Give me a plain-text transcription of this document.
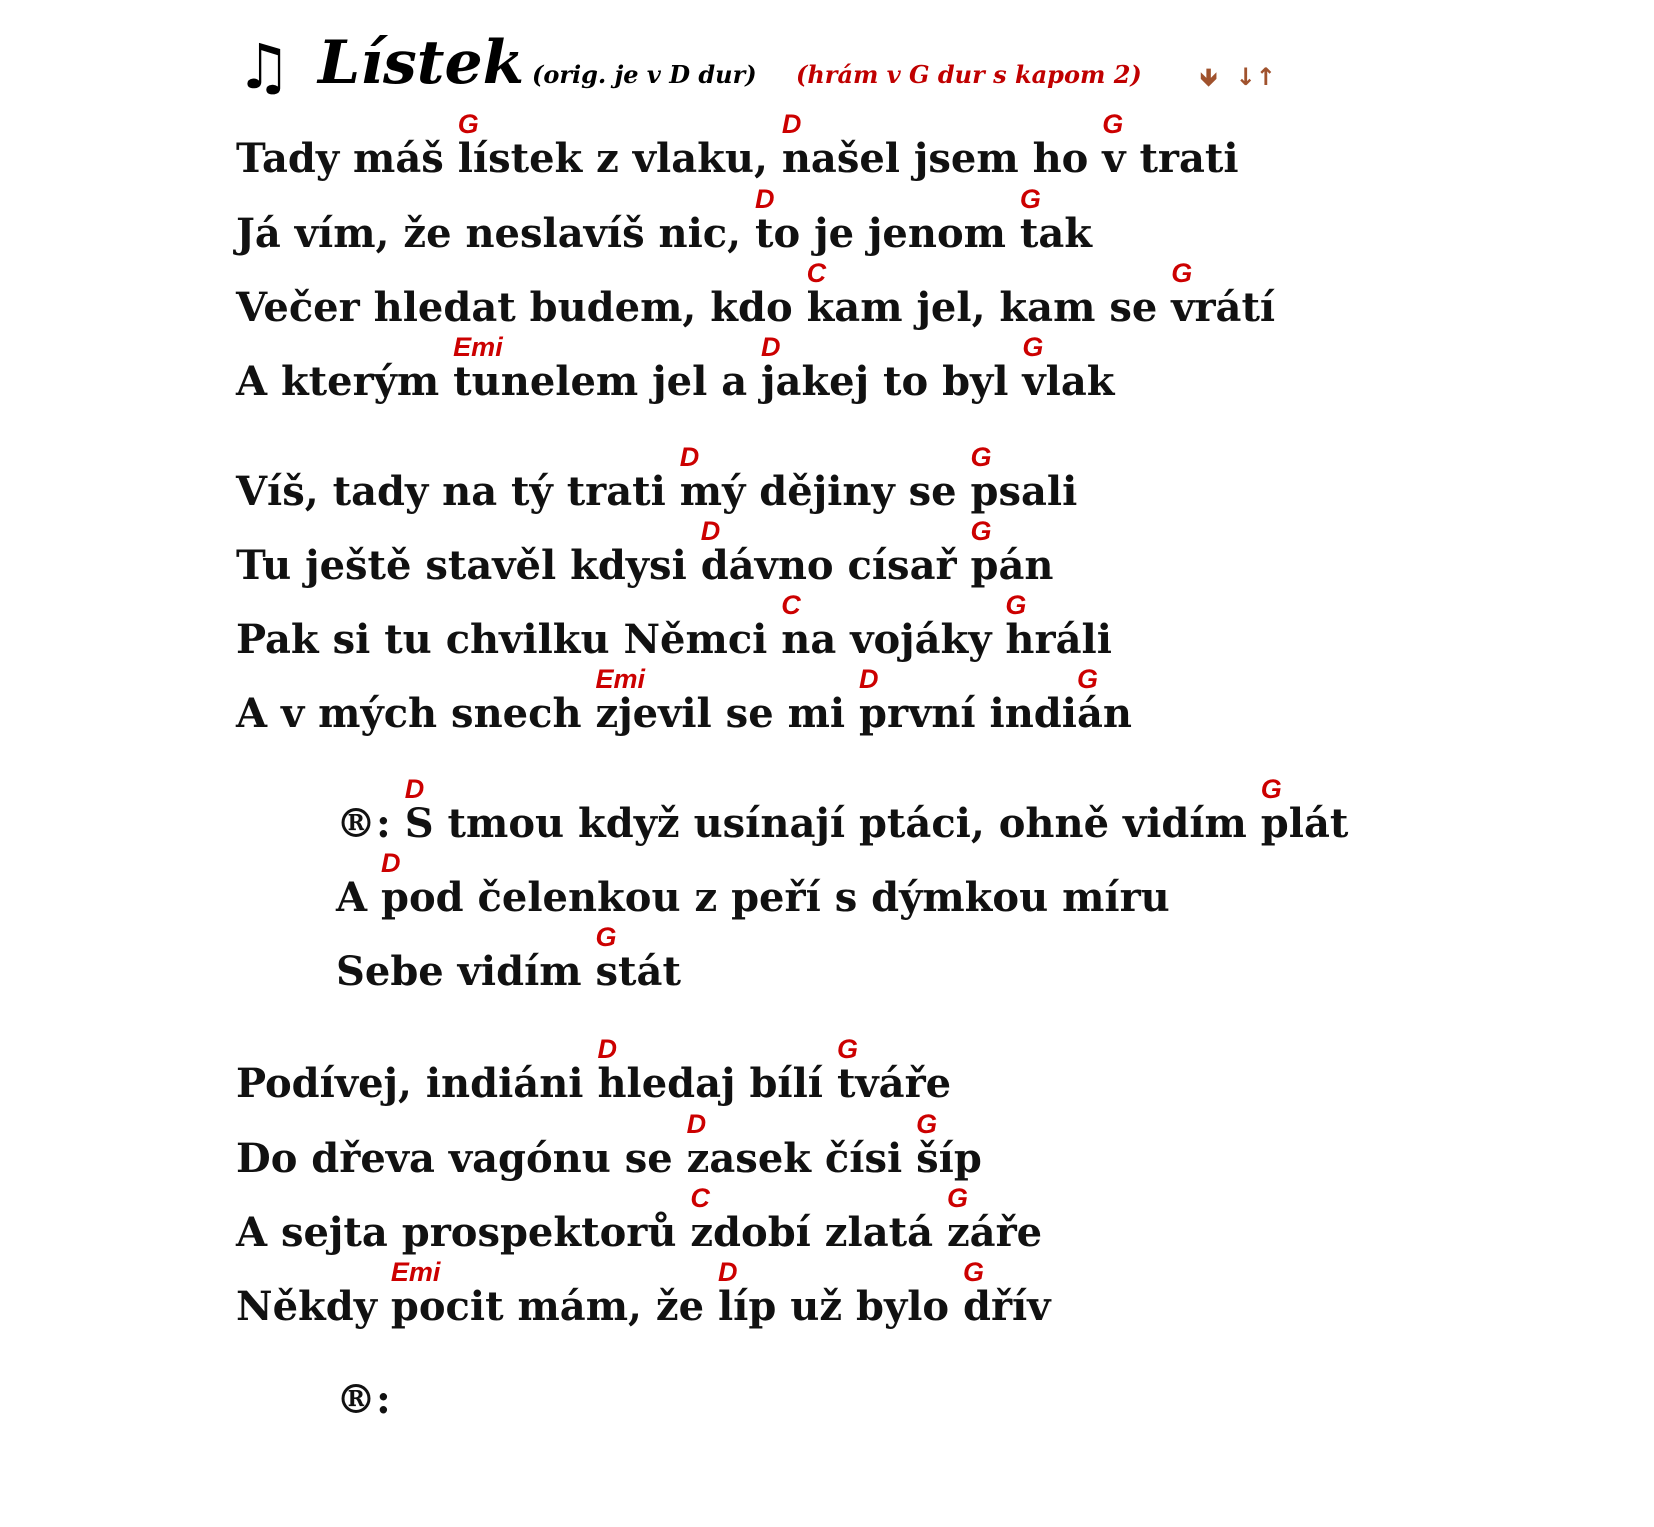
♫ Lístek (orig. je v D dur) (hrám v G dur s kapom 2) 🡻 ↓↑
Tady máš
G
lístek z vlaku,
D
našel jsem ho
G
v trati
Já vím, že neslavíš nic,
D
to je jenom
G
tak
Večer hledat budem, kdo
C
kam jel, kam se
G
vrátí
A kterým
Emi
tunelem jel a
D
jakej to byl
G
vlak
Víš, tady na tý trati
D
mý dějiny se
G
psali
Tu ještě stavěl kdysi
D
dávno císař
G
pán
Pak si tu chvilku Němci
C
na vojáky
G
hráli
A v mých snech
Emi
zjevil se mi
D
první indi
G
án
®:
D
S tmou když usínají ptáci, ohně vidím
G
plát
A
D
pod čelenkou z peří s dýmkou míru
Sebe vidím
G
stát
Podívej, indiáni
D
hledaj bílí
G
tváře
Do dřeva vagónu se
D
zasek čísi
G
šíp
A sejta prospektorů
C
zdobí zlatá
G
záře
Někdy
Emi
pocit mám, že
D
líp už bylo
G
dřív
®:
